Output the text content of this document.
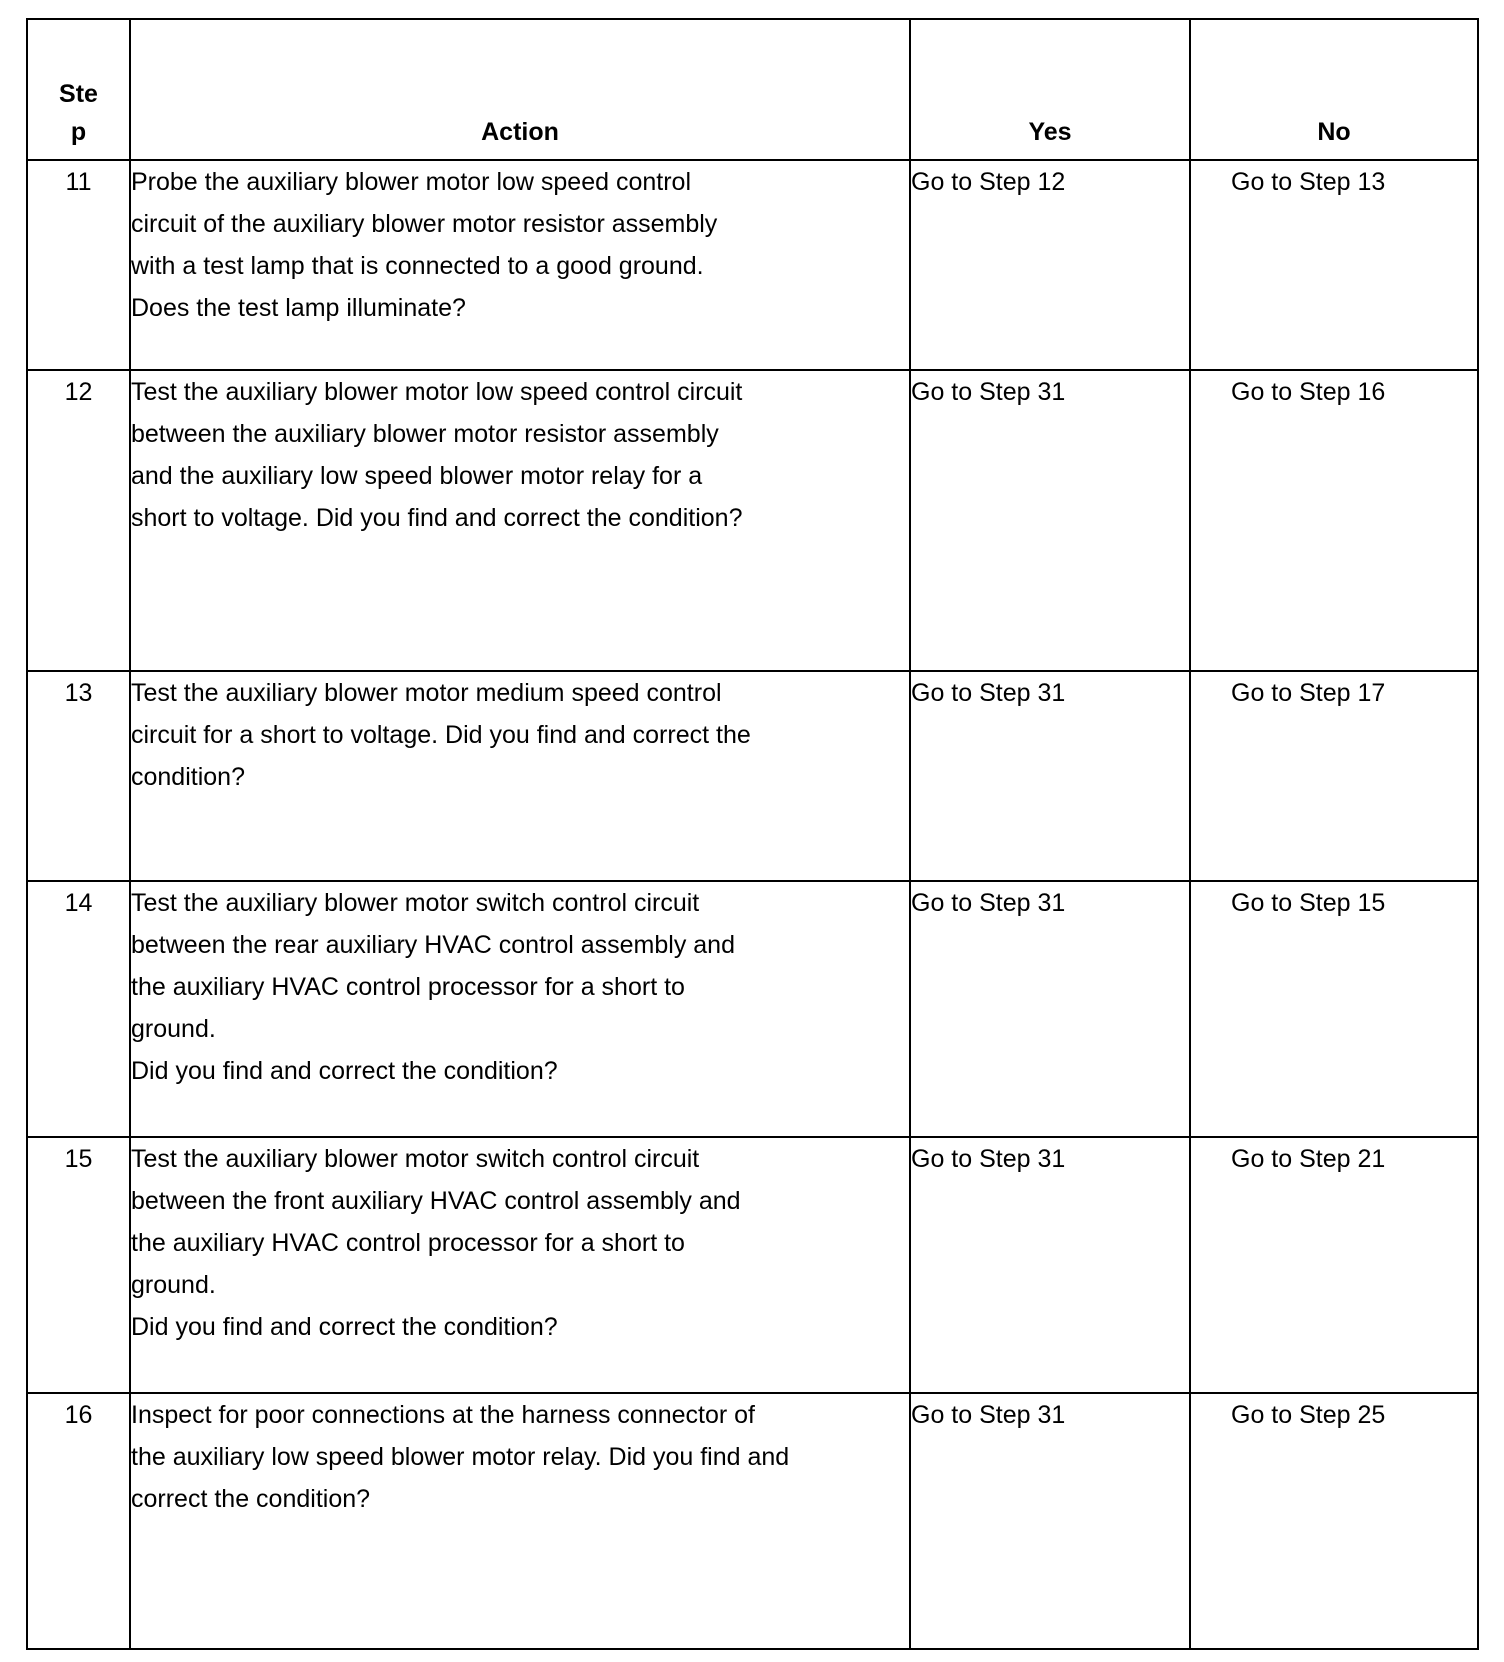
Step	Action	Yes	No
11	Probe the auxiliary blower motor low speed control
circuit of the auxiliary blower motor resistor assembly
with a test lamp that is connected to a good ground.
Does the test lamp illuminate?	Go to Step 12	Go to Step 13
12	Test the auxiliary blower motor low speed control circuit
between the auxiliary blower motor resistor assembly
and the auxiliary low speed blower motor relay for a
short to voltage. Did you find and correct the condition?	Go to Step 31	Go to Step 16
13	Test the auxiliary blower motor medium speed control
circuit for a short to voltage. Did you find and correct the
condition?	Go to Step 31	Go to Step 17
14	Test the auxiliary blower motor switch control circuit
between the rear auxiliary HVAC control assembly and
the auxiliary HVAC control processor for a short to
ground.
Did you find and correct the condition?	Go to Step 31	Go to Step 15
15	Test the auxiliary blower motor switch control circuit
between the front auxiliary HVAC control assembly and
the auxiliary HVAC control processor for a short to
ground.
Did you find and correct the condition?	Go to Step 31	Go to Step 21
16	Inspect for poor connections at the harness connector of
the auxiliary low speed blower motor relay. Did you find and
correct the condition?	Go to Step 31	Go to Step 25
